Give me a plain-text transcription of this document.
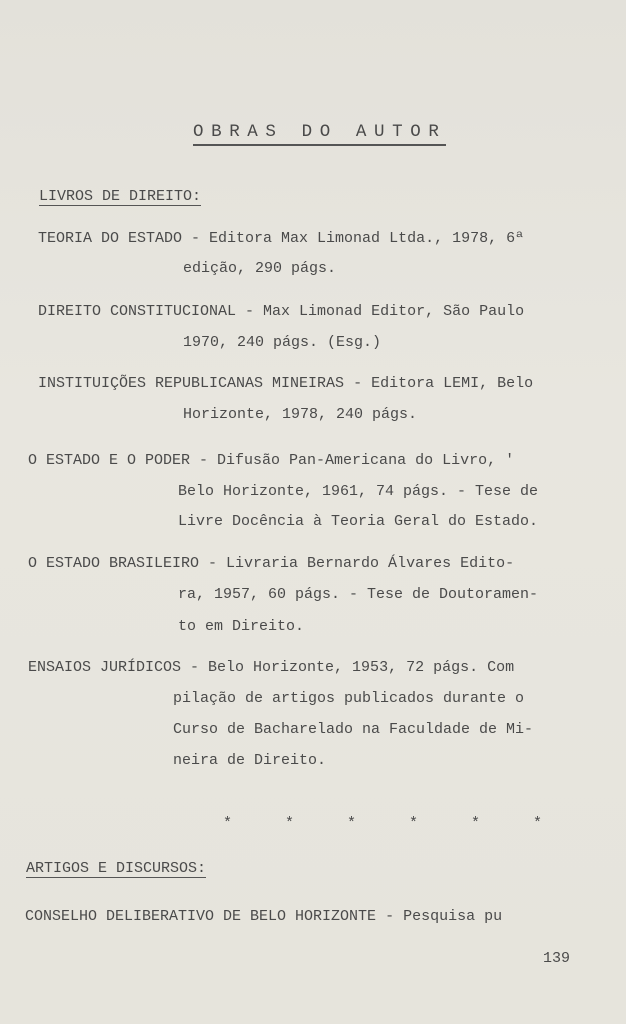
OBRAS DO AUTOR
LIVROS DE DIREITO:
TEORIA DO ESTADO - Editora Max Limonad Ltda., 1978, 6ª
edição, 290 págs.
DIREITO CONSTITUCIONAL - Max Limonad Editor, São Paulo
1970, 240 págs. (Esg.)
INSTITUIÇÕES REPUBLICANAS MINEIRAS - Editora LEMI, Belo
Horizonte, 1978, 240 págs.
O ESTADO E O PODER - Difusão Pan-Americana do Livro, '
Belo Horizonte, 1961, 74 págs. - Tese de
Livre Docência à Teoria Geral do Estado.
O ESTADO BRASILEIRO - Livraria Bernardo Álvares Edito-
ra, 1957, 60 págs. - Tese de Doutoramen-
to em Direito.
ENSAIOS JURÍDICOS - Belo Horizonte, 1953, 72 págs. Com
pilação de artigos publicados durante o
Curso de Bacharelado na Faculdade de Mi-
neira de Direito.
* * * * * *
ARTIGOS E DISCURSOS:
CONSELHO DELIBERATIVO DE BELO HORIZONTE - Pesquisa pu
139
